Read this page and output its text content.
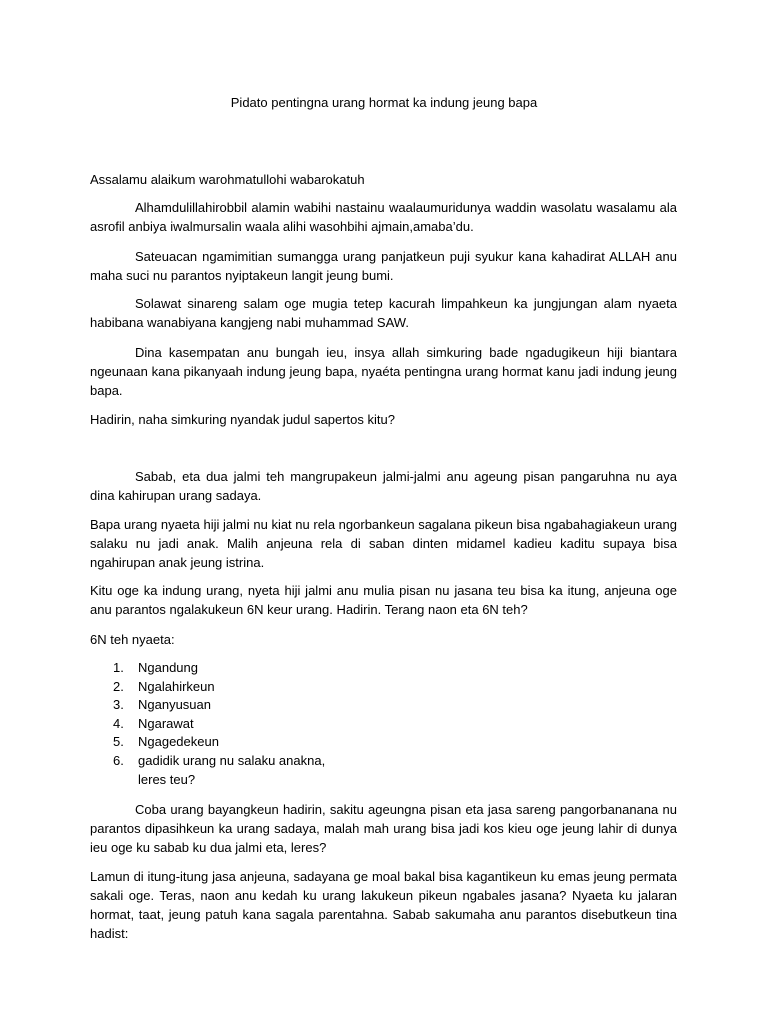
Pidato pentingna urang hormat ka indung jeung bapa

Assalamu alaikum warohmatullohi wabarokatuh

Alhamdulillahirobbil alamin wabihi nastainu waalaumuridunya waddin wasolatu wasalamu ala asrofil anbiya iwalmursalin waala alihi wasohbihi ajmain,amaba’du.

Sateuacan ngamimitian sumangga urang panjatkeun puji syukur kana kahadirat ALLAH anu maha suci nu parantos nyiptakeun langit jeung bumi.

Solawat sinareng salam oge mugia tetep kacurah limpahkeun ka jungjungan alam nyaeta habibana wanabiyana kangjeng nabi muhammad SAW.

Dina kasempatan anu bungah ieu, insya allah simkuring bade ngadugikeun hiji biantara ngeunaan kana pikanyaah indung jeung bapa, nyaéta pentingna urang hormat kanu jadi indung jeung bapa.

Hadirin, naha simkuring nyandak judul sapertos kitu?

Sabab, eta dua jalmi teh mangrupakeun jalmi-jalmi anu ageung pisan pangaruhna nu aya dina kahirupan urang sadaya.

Bapa urang nyaeta hiji jalmi nu kiat nu rela ngorbankeun sagalana pikeun bisa ngabahagiakeun urang salaku nu jadi anak. Malih anjeuna rela di saban dinten midamel kadieu kaditu supaya bisa ngahirupan anak jeung istrina.

Kitu oge ka indung urang, nyeta hiji jalmi anu mulia pisan nu jasana teu bisa ka itung, anjeuna oge anu parantos ngalakukeun 6N keur urang. Hadirin. Terang naon eta 6N teh?

6N teh nyaeta:

1. Ngandung
2. Ngalahirkeun
3. Nganyusuan
4. Ngarawat
5. Ngagedekeun
6. gadidik urang nu salaku anakna,
leres teu?

Coba urang bayangkeun hadirin, sakitu ageungna pisan eta jasa sareng pangorbananana nu parantos dipasihkeun ka urang sadaya, malah mah urang bisa jadi kos kieu oge jeung lahir di dunya ieu oge ku sabab ku dua jalmi eta, leres?

Lamun di itung-itung jasa anjeuna, sadayana ge moal bakal bisa kagantikeun ku emas jeung permata sakali oge. Teras, naon anu kedah ku urang lakukeun pikeun ngabales jasana? Nyaeta ku jalaran hormat, taat, jeung patuh kana sagala parentahna. Sabab sakumaha anu parantos disebutkeun tina hadist:
